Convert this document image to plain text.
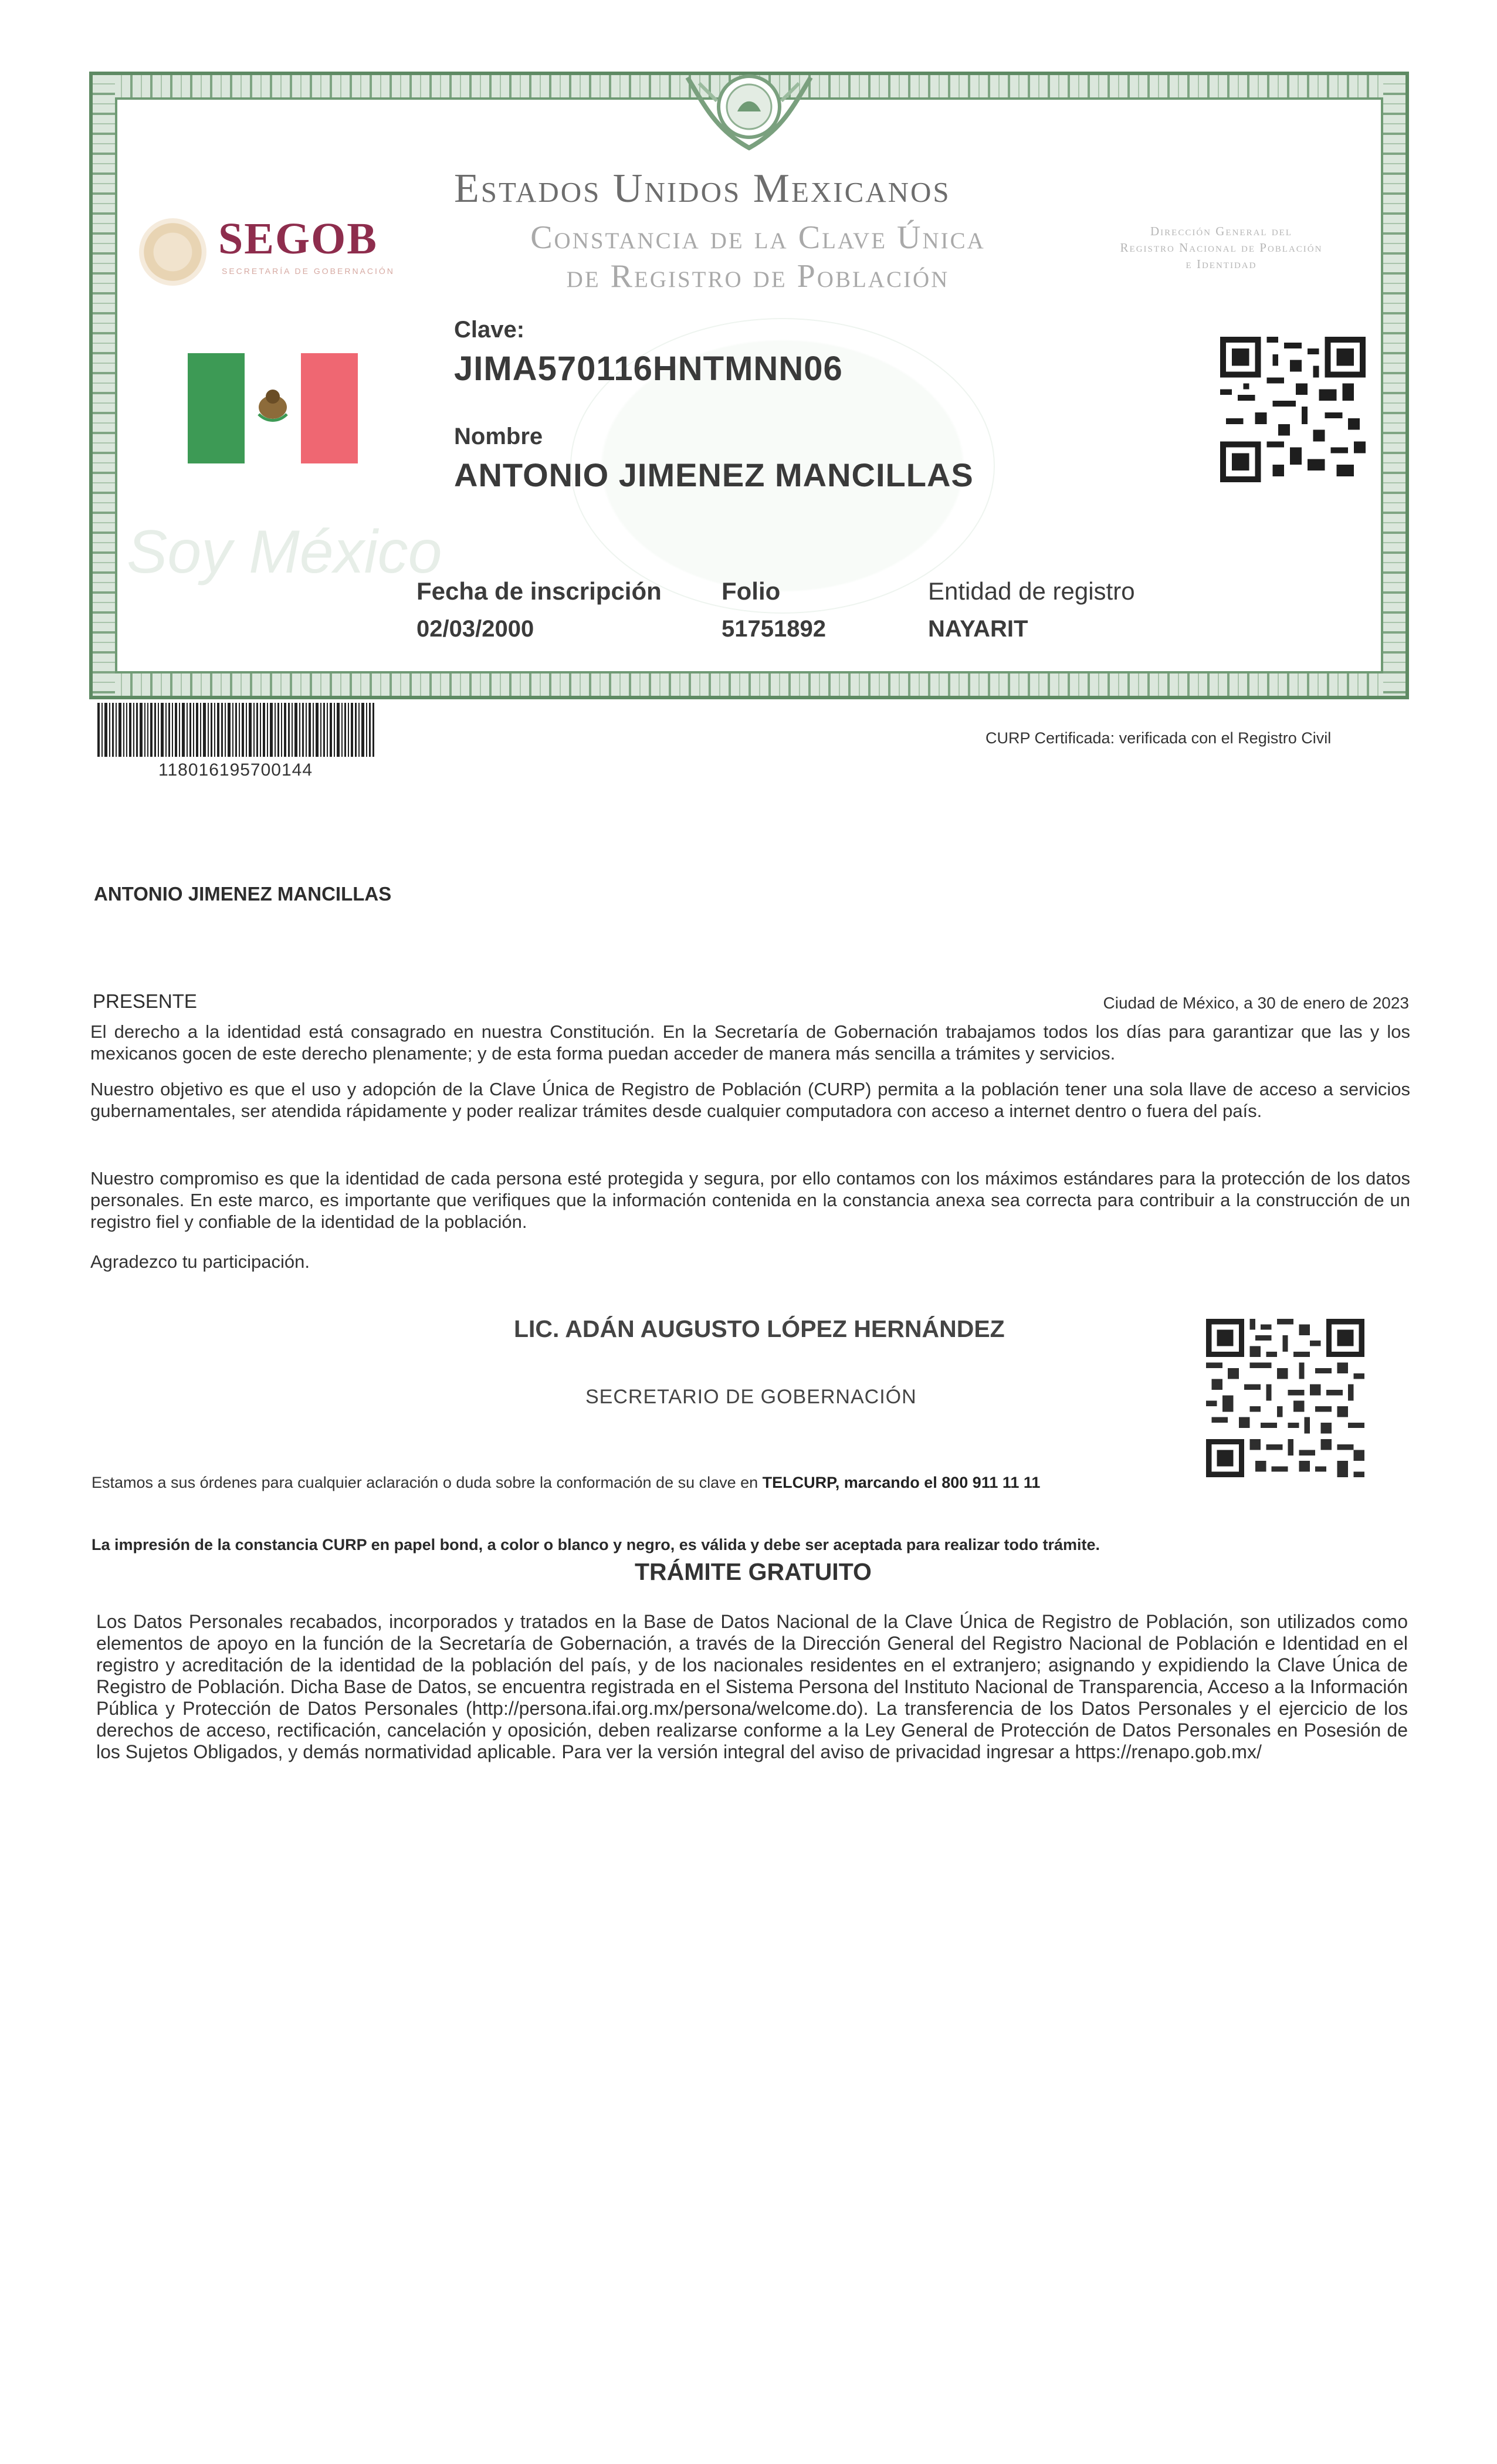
Soy México
SEGOB
SECRETARÍA DE GOBERNACIÓN
Estados Unidos Mexicanos
Constancia de la Clave Única
de Registro de Población
Dirección General del
Registro Nacional de Población
e Identidad
Clave:
JIMA570116HNTMNN06
Nombre
ANTONIO JIMENEZ MANCILLAS
Fecha de inscripción
02/03/2000
Folio
51751892
Entidad de registro
NAYARIT
118016195700144
CURP Certificada: verificada con el Registro Civil
ANTONIO JIMENEZ MANCILLAS
PRESENTE	Ciudad de México, a 30 de enero de 2023
El derecho a la identidad está consagrado en nuestra Constitución. En la Secretaría de Gobernación trabajamos todos los días para garantizar que las y los mexicanos gocen de este derecho plenamente; y de esta forma puedan acceder de manera más sencilla a trámites y servicios.
Nuestro objetivo es que el uso y adopción de la Clave Única de Registro de Población (CURP) permita a la población tener una sola llave de acceso a servicios gubernamentales, ser atendida rápidamente y poder realizar trámites desde cualquier computadora con acceso a internet dentro o fuera del país.
Nuestro compromiso es que la identidad de cada persona esté protegida y segura, por ello contamos con los máximos estándares para la protección de los datos personales. En este marco, es importante que verifiques que la información contenida en la constancia anexa sea correcta para contribuir a la construcción de un registro fiel y confiable de la identidad de la población.
Agradezco tu participación.
LIC. ADÁN AUGUSTO LÓPEZ HERNÁNDEZ
SECRETARIO DE GOBERNACIÓN
Estamos a sus órdenes para cualquier aclaración o duda sobre la conformación de su clave en TELCURP, marcando el 800 911 11 11
La impresión de la constancia CURP en papel bond, a color o blanco y negro, es válida y debe ser aceptada para realizar todo trámite.
TRÁMITE GRATUITO
Los Datos Personales recabados, incorporados y tratados en la Base de Datos Nacional de la Clave Única de Registro de Población, son utilizados como elementos de apoyo en la función de la Secretaría de Gobernación, a través de la Dirección General del Registro Nacional de Población e Identidad en el registro y acreditación de la identidad de la población del país, y de los nacionales residentes en el extranjero; asignando y expidiendo la Clave Única de Registro de Población. Dicha Base de Datos, se encuentra registrada en el Sistema Persona del Instituto Nacional de Transparencia, Acceso a la Información Pública y Protección de Datos Personales (http://persona.ifai.org.mx/persona/welcome.do). La transferencia de los Datos Personales y el ejercicio de los derechos de acceso, rectificación, cancelación y oposición, deben realizarse conforme a la Ley General de Protección de Datos Personales en Posesión de los Sujetos Obligados, y demás normatividad aplicable. Para ver la versión integral del aviso de privacidad ingresar a https://renapo.gob.mx/
